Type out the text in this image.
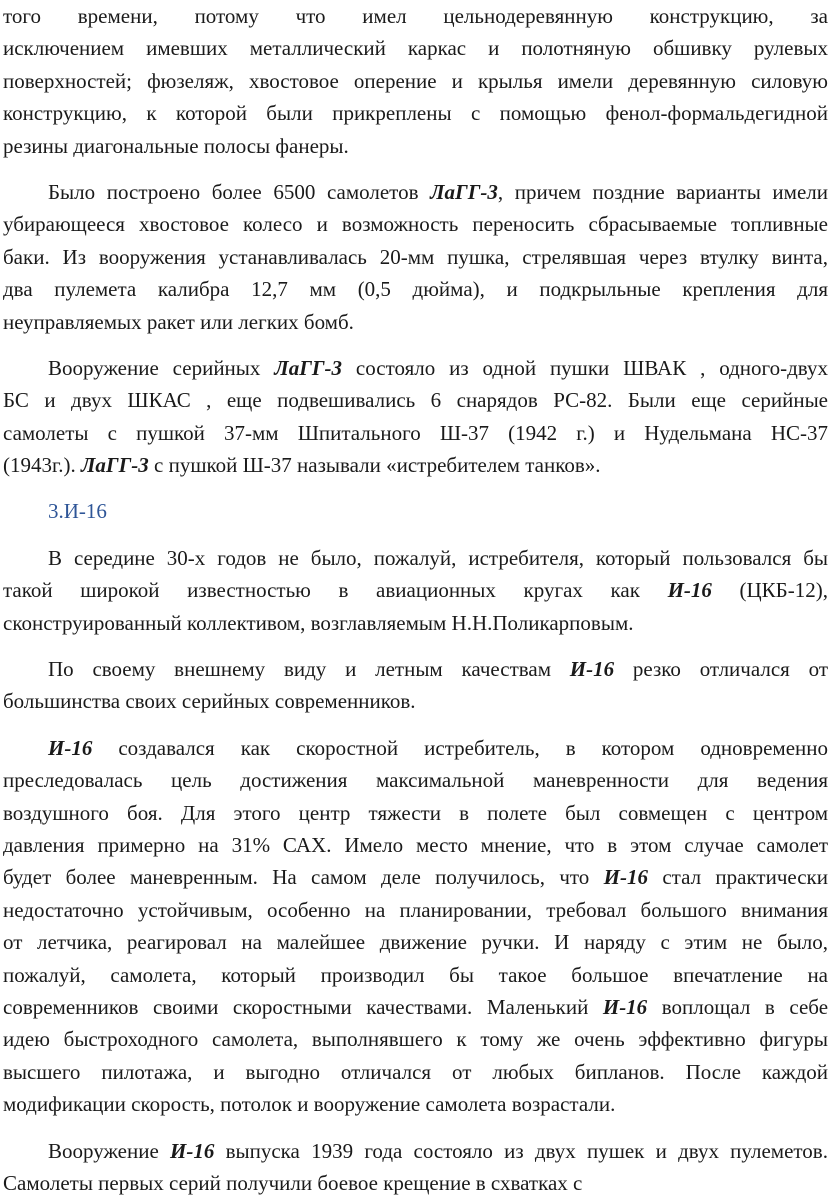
того времени, потому что имел цельнодеревянную конструкцию, за
исключением имевших металлический каркас и полотняную обшивку рулевых
поверхностей; фюзеляж, хвостовое оперение и крылья имели деревянную силовую
конструкцию, к которой были прикреплены с помощью фенол-формальдегидной
резины диагональные полосы фанеры.
Было построено более 6500 самолетов ЛаГГ-3, причем поздние варианты имели
убирающееся хвостовое колесо и возможность переносить сбрасываемые топливные
баки. Из вооружения устанавливалась 20-мм пушка, стрелявшая через втулку винта,
два пулемета калибра 12,7 мм (0,5 дюйма), и подкрыльные крепления для
неуправляемых ракет или легких бомб.
Вооружение серийных ЛаГГ-3 состояло из одной пушки ШВАК , одного-двух
БС и двух ШКАС , еще подвешивались 6 снарядов РС-82. Были еще серийные
самолеты с пушкой 37-мм Шпитального Ш-37 (1942 г.) и Нудельмана НС-37
(1943г.). ЛаГГ-3 с пушкой Ш-37 называли «истребителем танков».
3.И-16
В середине 30-х годов не было, пожалуй, истребителя, который пользовался бы
такой широкой известностью в авиационных кругах как И-16 (ЦКБ-12),
сконструированный коллективом, возглавляемым Н.Н.Поликарповым.
По своему внешнему виду и летным качествам И-16 резко отличался от
большинства своих серийных современников.
И-16 создавался как скоростной истребитель, в котором одновременно
преследовалась цель достижения максимальной маневренности для ведения
воздушного боя. Для этого центр тяжести в полете был совмещен с центром
давления примерно на 31% САХ. Имело место мнение, что в этом случае самолет
будет более маневренным. На самом деле получилось, что И-16 стал практически
недостаточно устойчивым, особенно на планировании, требовал большого внимания
от летчика, реагировал на малейшее движение ручки. И наряду с этим не было,
пожалуй, самолета, который производил бы такое большое впечатление на
современников своими скоростными качествами. Маленький И-16 воплощал в себе
идею быстроходного самолета, выполнявшего к тому же очень эффективно фигуры
высшего пилотажа, и выгодно отличался от любых бипланов. После каждой
модификации скорость, потолок и вооружение самолета возрастали.
Вооружение И-16 выпуска 1939 года состояло из двух пушек и двух пулеметов.
Самолеты первых серий получили боевое крещение в схватках с
